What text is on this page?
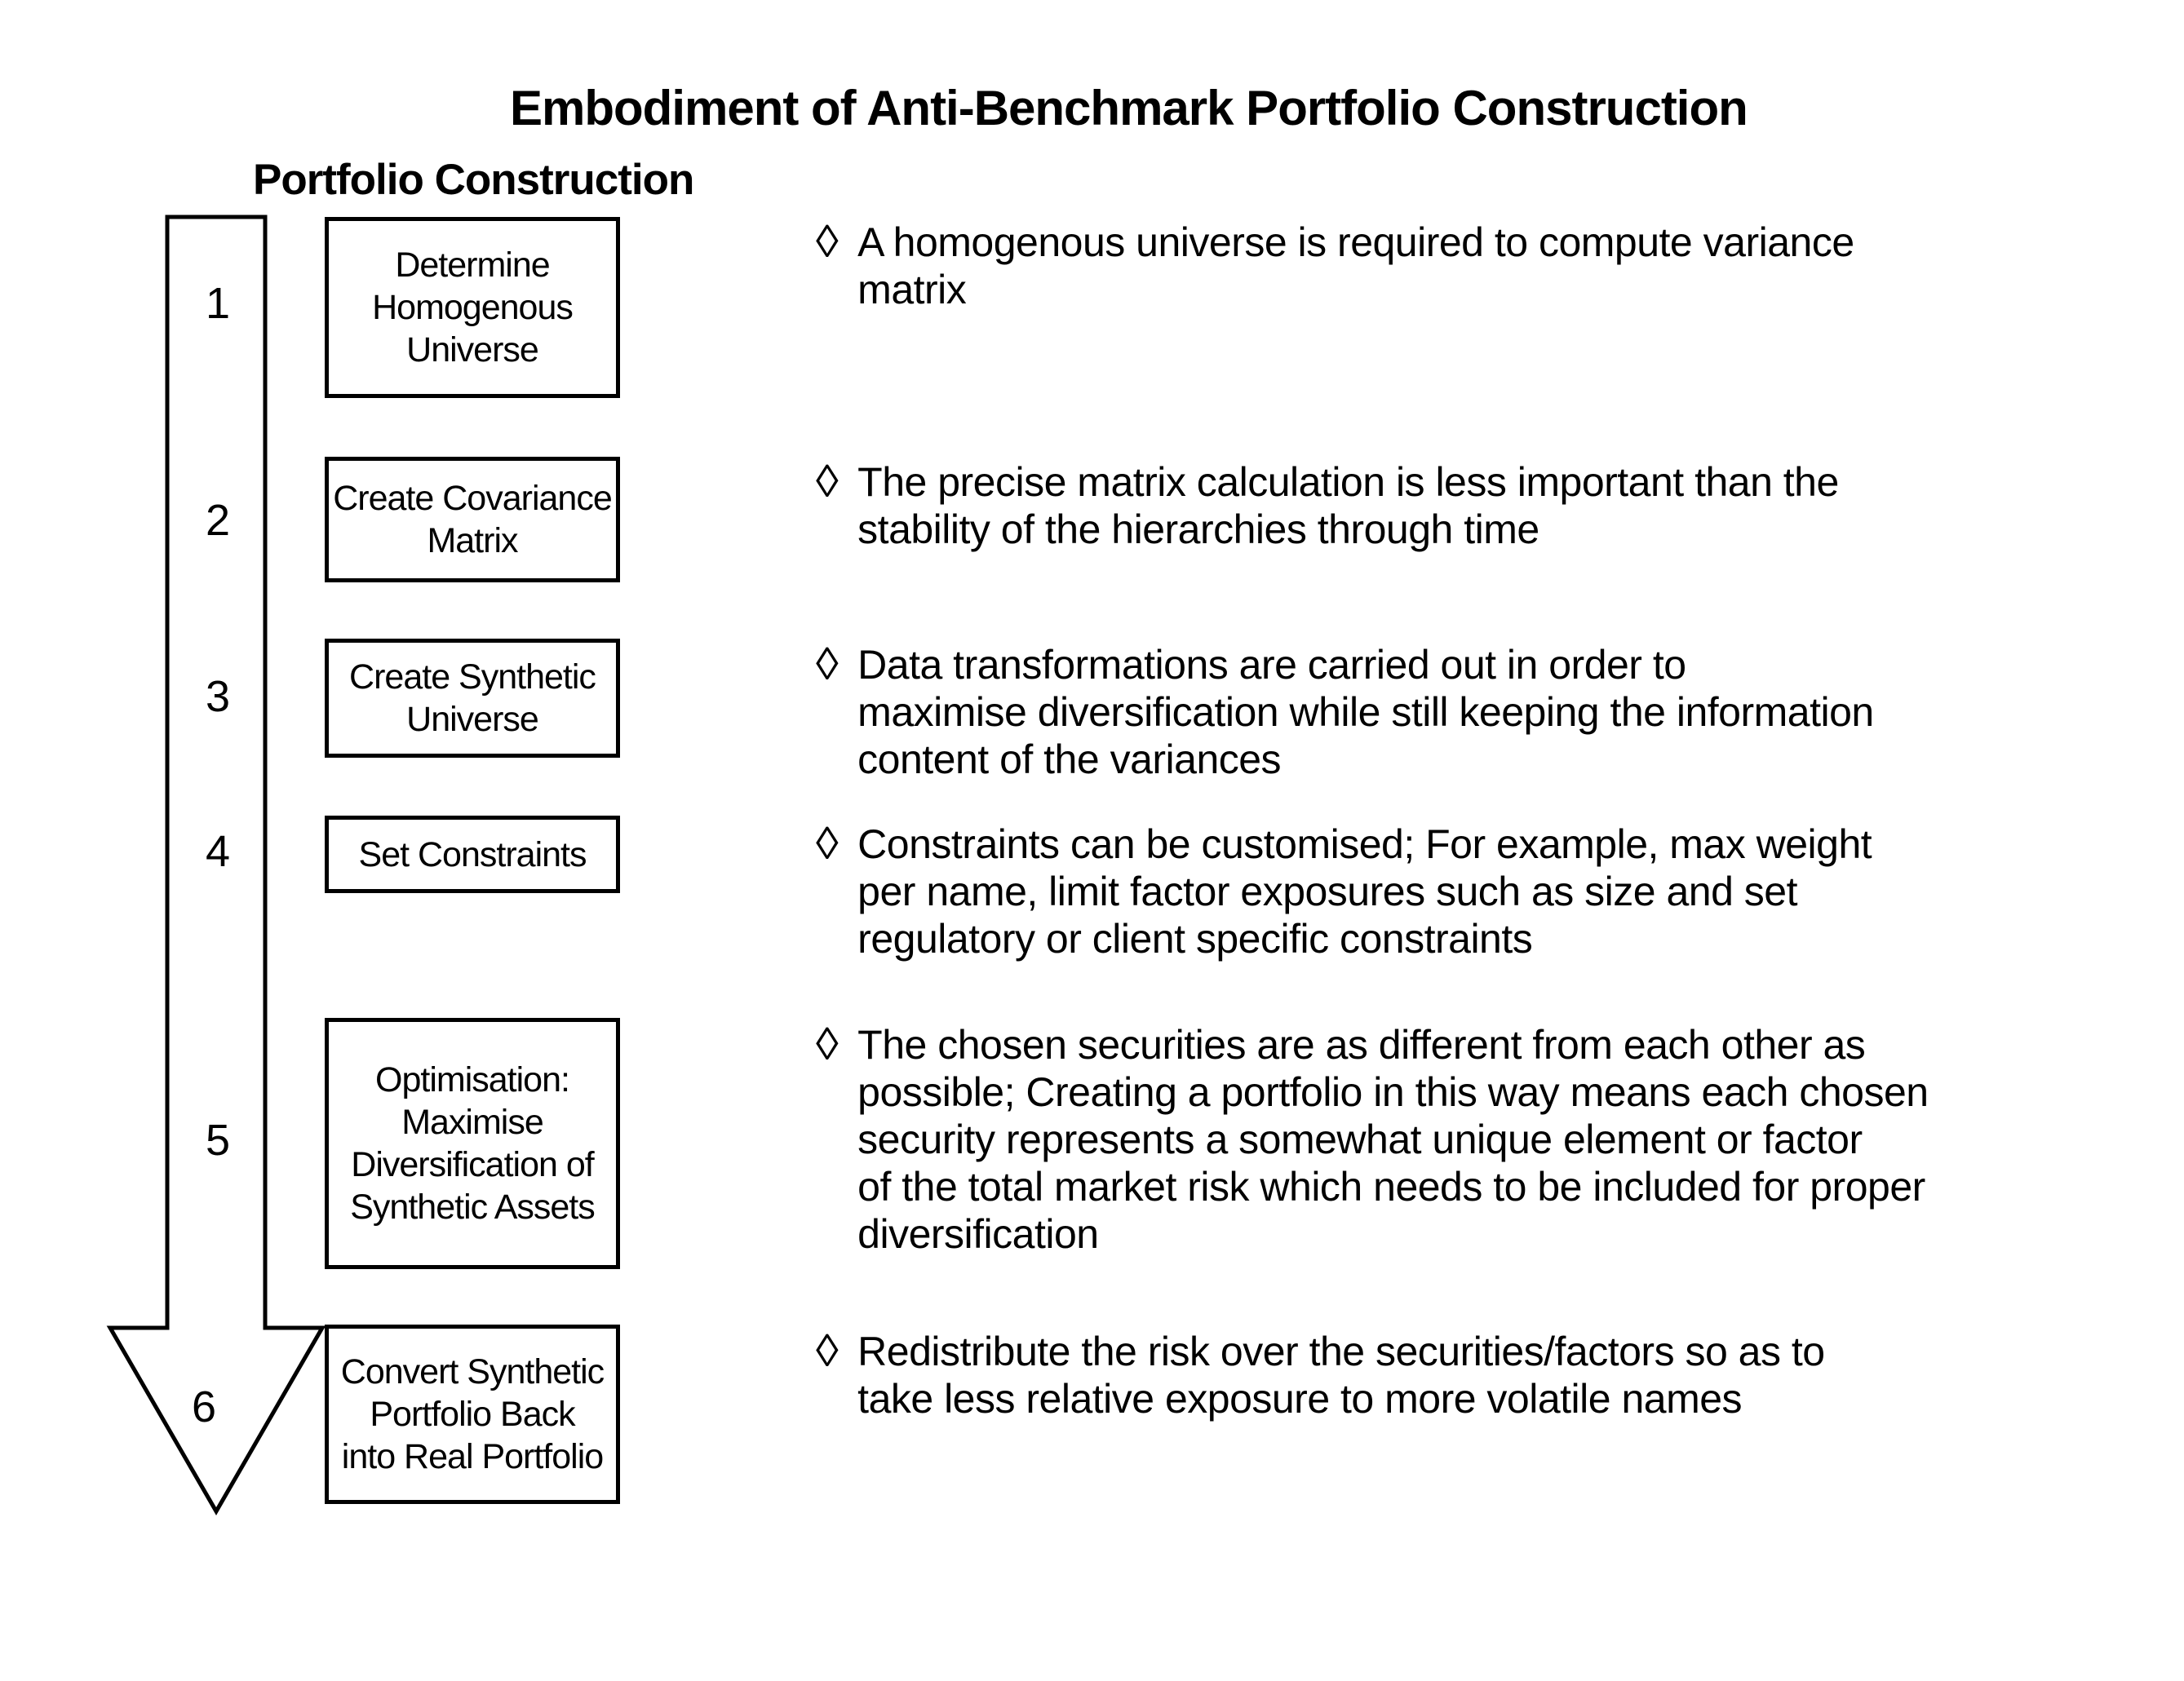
Embodiment of Anti-Benchmark Portfolio Construction
Portfolio Construction
1
2
3
4
5
6
Determine
Homogenous
Universe
Create Covariance
Matrix
Create Synthetic
Universe
Set Constraints
Optimisation:
Maximise
Diversification of
Synthetic Assets
Convert Synthetic
Portfolio Back
into Real Portfolio
◊ A homogenous universe is required to compute variance
matrix
◊ The precise matrix calculation is less important than the
stability of the hierarchies through time
◊ Data transformations are carried out in order to
maximise diversification while still keeping the information
content of the variances
◊ Constraints can be customised; For example, max weight
per name, limit factor exposures such as size and set
regulatory or client specific constraints
◊ The chosen securities are as different from each other as
possible; Creating a portfolio in this way means each chosen
security represents a somewhat unique element or factor
of the total market risk which needs to be included for proper
diversification
◊ Redistribute the risk over the securities/factors so as to
take less relative exposure to more volatile names
